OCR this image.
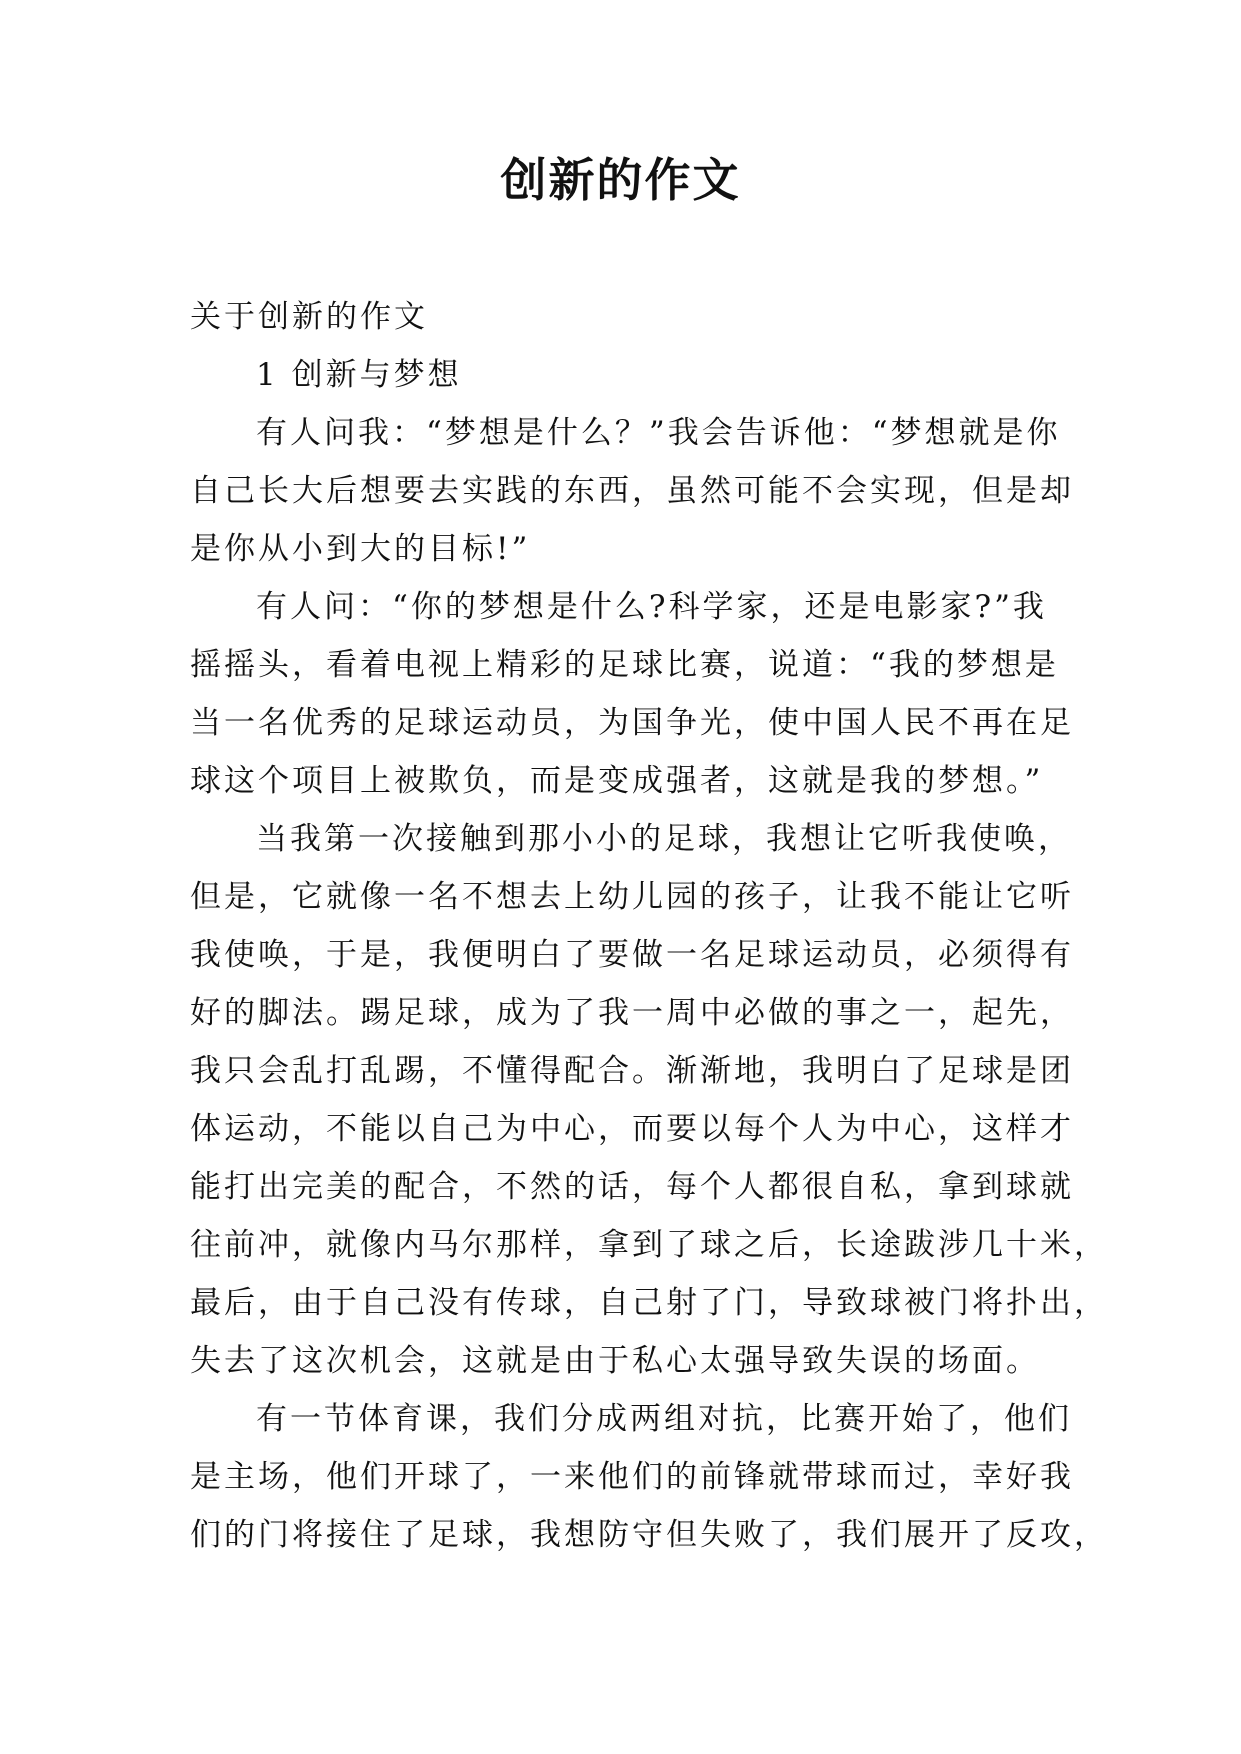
创新的作文
关于创新的作文
1 创新与梦想
有人问我：“梦想是什么？”我会告诉他：“梦想就是你
自己长大后想要去实践的东西，虽然可能不会实现，但是却
是你从小到大的目标!”
有人问：“你的梦想是什么?科学家，还是电影家?”我
摇摇头，看着电视上精彩的足球比赛，说道：“我的梦想是
当一名优秀的足球运动员，为国争光，使中国人民不再在足
球这个项目上被欺负，而是变成强者，这就是我的梦想。”
当我第一次接触到那小小的足球，我想让它听我使唤，
但是，它就像一名不想去上幼儿园的孩子，让我不能让它听
我使唤，于是，我便明白了要做一名足球运动员，必须得有
好的脚法。踢足球，成为了我一周中必做的事之一，起先，
我只会乱打乱踢，不懂得配合。渐渐地，我明白了足球是团
体运动，不能以自己为中心，而要以每个人为中心，这样才
能打出完美的配合，不然的话，每个人都很自私，拿到球就
往前冲，就像内马尔那样，拿到了球之后，长途跋涉几十米，
最后，由于自己没有传球，自己射了门，导致球被门将扑出，
失去了这次机会，这就是由于私心太强导致失误的场面。
有一节体育课，我们分成两组对抗，比赛开始了，他们
是主场，他们开球了，一来他们的前锋就带球而过，幸好我
们的门将接住了足球，我想防守但失败了，我们展开了反攻，
